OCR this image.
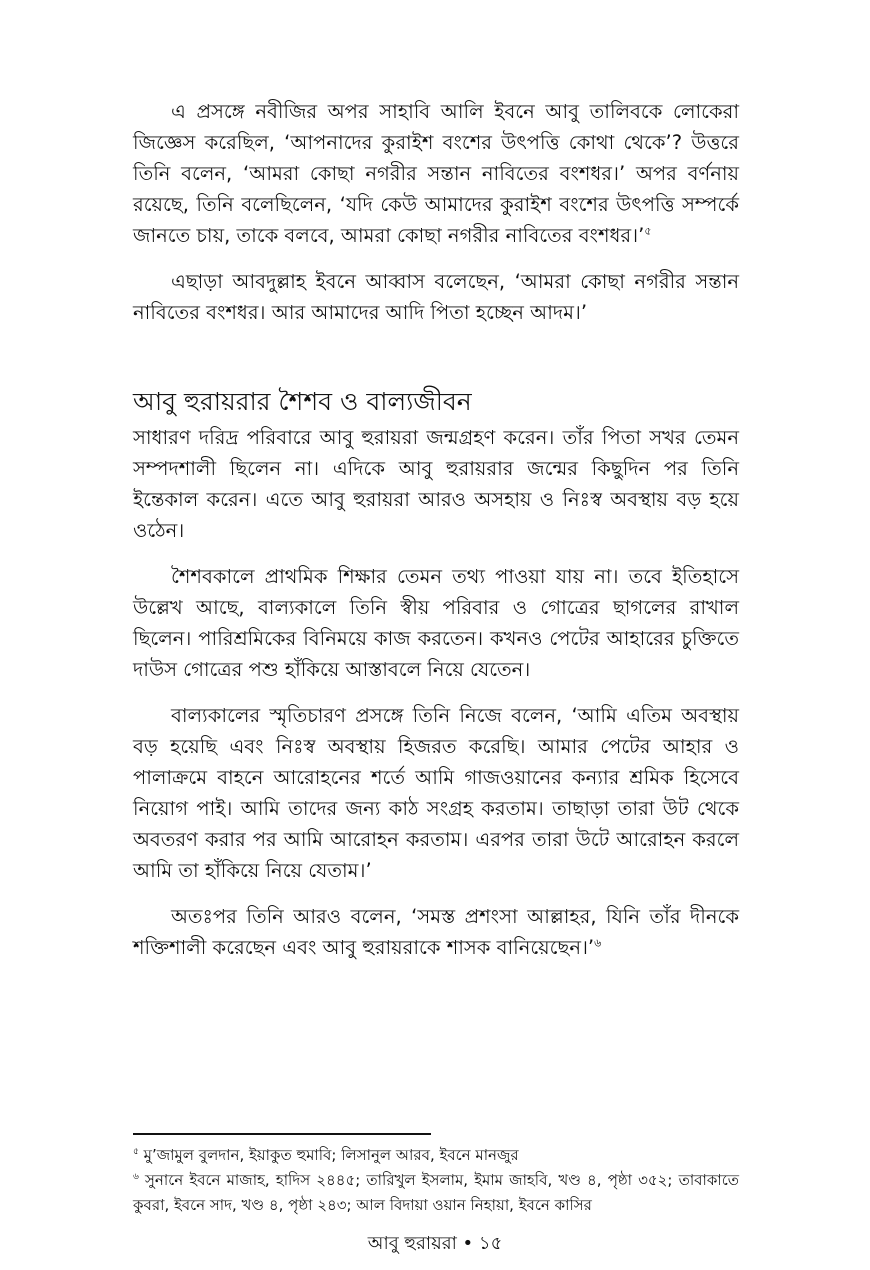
এ প্রসঙ্গে নবীজির অপর সাহাবি আলি ইবনে আবু তালিবকে লোকেরা জিজ্ঞেস করেছিল, ‘আপনাদের কুরাইশ বংশের উৎপত্তি কোথা থেকে’? উত্তরে তিনি বলেন, ‘আমরা কোছা নগরীর সন্তান নাবিতের বংশধর।’ অপর বর্ণনায় রয়েছে, তিনি বলেছিলেন, ‘যদি কেউ আমাদের কুরাইশ বংশের উৎপত্তি সম্পর্কে জানতে চায়, তাকে বলবে, আমরা কোছা নগরীর নাবিতের বংশধর।’$^৫$

এছাড়া আবদুল্লাহ ইবনে আব্বাস বলেছেন, ‘আমরা কোছা নগরীর সন্তান নাবিতের বংশধর। আর আমাদের আদি পিতা হচ্ছেন আদম।’

আবু হুরায়রার শৈশব ও বাল্যজীবন

সাধারণ দরিদ্র পরিবারে আবু হুরায়রা জন্মগ্রহণ করেন। তাঁর পিতা সখর তেমন সম্পদশালী ছিলেন না। এদিকে আবু হুরায়রার জন্মের কিছুদিন পর তিনি ইন্তেকাল করেন। এতে আবু হুরায়রা আরও অসহায় ও নিঃস্ব অবস্থায় বড় হয়ে ওঠেন।

শৈশবকালে প্রাথমিক শিক্ষার তেমন তথ্য পাওয়া যায় না। তবে ইতিহাসে উল্লেখ আছে, বাল্যকালে তিনি স্বীয় পরিবার ও গোত্রের ছাগলের রাখাল ছিলেন। পারিশ্রমিকের বিনিময়ে কাজ করতেন। কখনও পেটের আহারের চুক্তিতে দাউস গোত্রের পশু হাঁকিয়ে আস্তাবলে নিয়ে যেতেন।

বাল্যকালের স্মৃতিচারণ প্রসঙ্গে তিনি নিজে বলেন, ‘আমি এতিম অবস্থায় বড় হয়েছি এবং নিঃস্ব অবস্থায় হিজরত করেছি। আমার পেটের আহার ও পালাক্রমে বাহনে আরোহনের শর্তে আমি গাজওয়ানের কন্যার শ্রমিক হিসেবে নিয়োগ পাই। আমি তাদের জন্য কাঠ সংগ্রহ করতাম। তাছাড়া তারা উট থেকে অবতরণ করার পর আমি আরোহন করতাম। এরপর তারা উটে আরোহন করলে আমি তা হাঁকিয়ে নিয়ে যেতাম।’

অতঃপর তিনি আরও বলেন, ‘সমস্ত প্রশংসা আল্লাহর, যিনি তাঁর দীনকে শক্তিশালী করেছেন এবং আবু হুরায়রাকে শাসক বানিয়েছেন।’$^৬$

$^৫$ মু’জামুল বুলদান, ইয়াকুত হুমাবি; লিসানুল আরব, ইবনে মানজুর

$^৬$ সুনানে ইবনে মাজাহ, হাদিস ২৪৪৫; তারিখুল ইসলাম, ইমাম জাহবি, খণ্ড ৪, পৃষ্ঠা ৩৫২; তাবাকাতে কুবরা, ইবনে সাদ, খণ্ড ৪, পৃষ্ঠা ২৪৩; আল বিদায়া ওয়ান নিহায়া, ইবনে কাসির

আবু হুরায়রা • ১৫
